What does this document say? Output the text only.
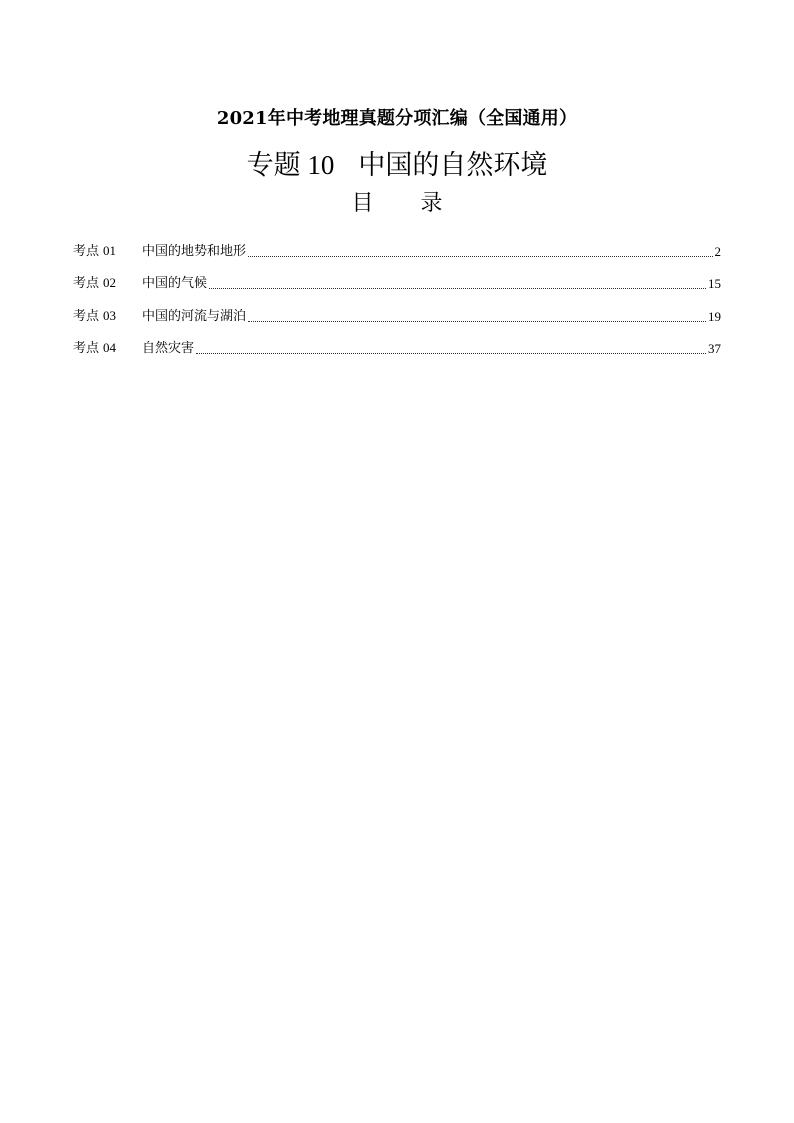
2021年中考地理真题分项汇编（全国通用）
专题 10 中国的自然环境
目 录
考点 01	中国的地势和地形	2
考点 02	中国的气候	15
考点 03	中国的河流与湖泊	19
考点 04	自然灾害	37
